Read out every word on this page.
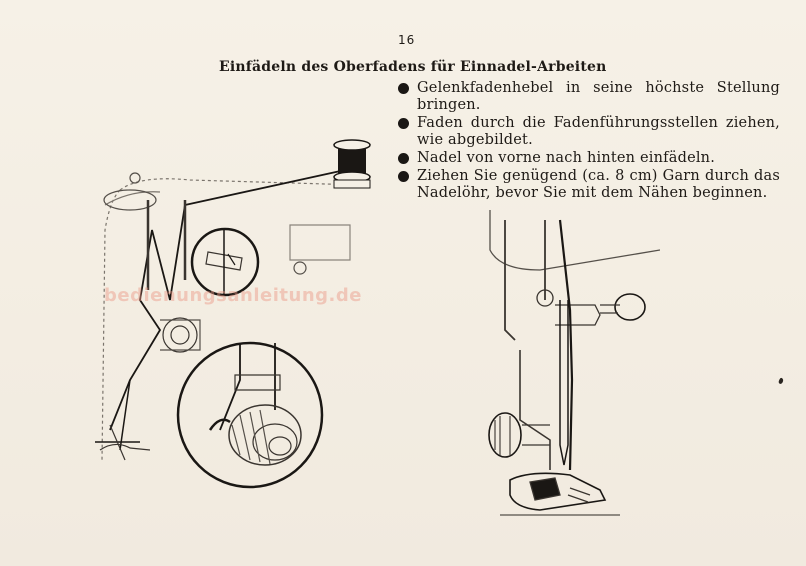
16
Einfädeln des Oberfadens für Einnadel-Arbeiten
Gelenkfadenhebel in seine höchste Stellung bringen.
Faden durch die Fadenführungsstellen ziehen, wie abgebildet.
Nadel von vorne nach hinten einfädeln.
Ziehen Sie genügend (ca. 8 cm) Garn durch das Nadelöhr, bevor Sie mit dem Nähen beginnen.
bedienungsanleitung.de
